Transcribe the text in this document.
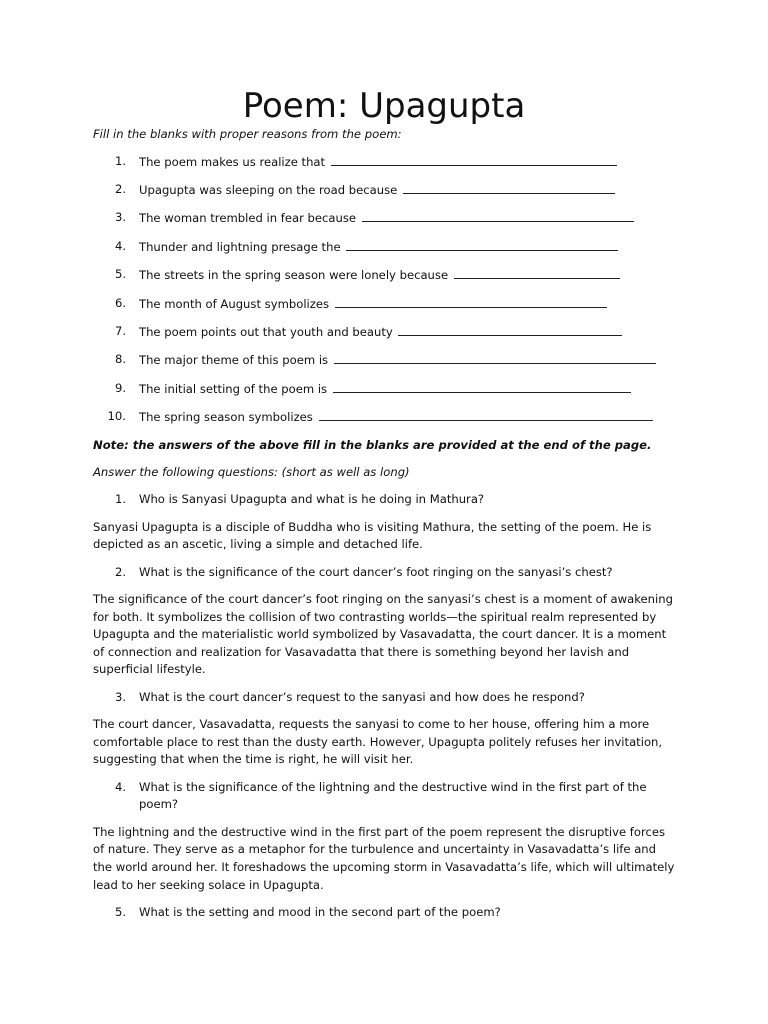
Poem: Upagupta

Fill in the blanks with proper reasons from the poem:

1. The poem makes us realize that
2. Upagupta was sleeping on the road because
3. The woman trembled in fear because
4. Thunder and lightning presage the
5. The streets in the spring season were lonely because
6. The month of August symbolizes
7. The poem points out that youth and beauty
8. The major theme of this poem is
9. The initial setting of the poem is
10. The spring season symbolizes

Note: the answers of the above fill in the blanks are provided at the end of the page.

Answer the following questions: (short as well as long)

1. Who is Sanyasi Upagupta and what is he doing in Mathura?

Sanyasi Upagupta is a disciple of Buddha who is visiting Mathura, the setting of the poem. He is depicted as an ascetic, living a simple and detached life.

2. What is the significance of the court dancer’s foot ringing on the sanyasi’s chest?

The significance of the court dancer’s foot ringing on the sanyasi’s chest is a moment of awakening for both. It symbolizes the collision of two contrasting worlds—the spiritual realm represented by Upagupta and the materialistic world symbolized by Vasavadatta, the court dancer. It is a moment of connection and realization for Vasavadatta that there is something beyond her lavish and superficial lifestyle.

3. What is the court dancer’s request to the sanyasi and how does he respond?

The court dancer, Vasavadatta, requests the sanyasi to come to her house, offering him a more comfortable place to rest than the dusty earth. However, Upagupta politely refuses her invitation, suggesting that when the time is right, he will visit her.

4. What is the significance of the lightning and the destructive wind in the first part of the poem?

The lightning and the destructive wind in the first part of the poem represent the disruptive forces of nature. They serve as a metaphor for the turbulence and uncertainty in Vasavadatta’s life and the world around her. It foreshadows the upcoming storm in Vasavadatta’s life, which will ultimately lead to her seeking solace in Upagupta.

5. What is the setting and mood in the second part of the poem?
